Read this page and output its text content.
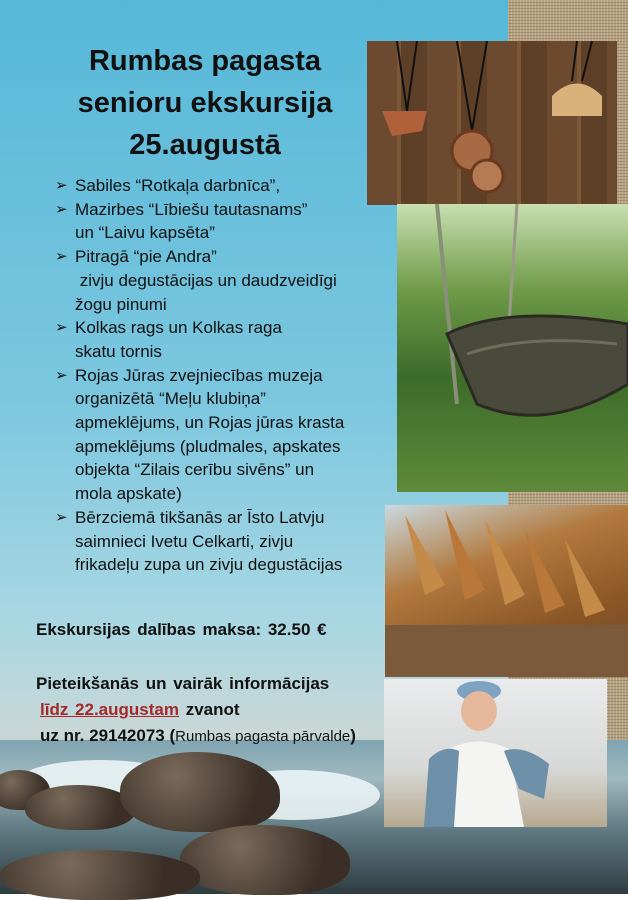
Rumbas pagasta
senioru ekskursija
25.augustā
➢ Sabiles “Rotkaļa darbnīca”,
➢ Mazirbes “Lībiešu tautasnams”
un “Laivu kapsēta”
➢ Pitragā “pie Andra”
zivju degustācijas un daudzveidīgi
žogu pinumi
➢ Kolkas rags un Kolkas raga
skatu tornis
➢ Rojas Jūras zvejniecības muzeja
organizētā “Meļu klubiņa”
apmeklējums, un Rojas jūras krasta
apmeklējums (pludmales, apskates
objekta “Zilais cerību sivēns” un
mola apskate)
➢ Bērzciemā tikšanās ar Īsto Latvju
saimnieci Ivetu Celkarti, zivju
frikadeļu zupa un zivju degustācijas
Ekskursijas dalības maksa: 32.50 €
Pieteikšanās un vairāk informācijas
līdz 22.augustam zvanot
uz nr. 29142073 (Rumbas pagasta pārvalde)
